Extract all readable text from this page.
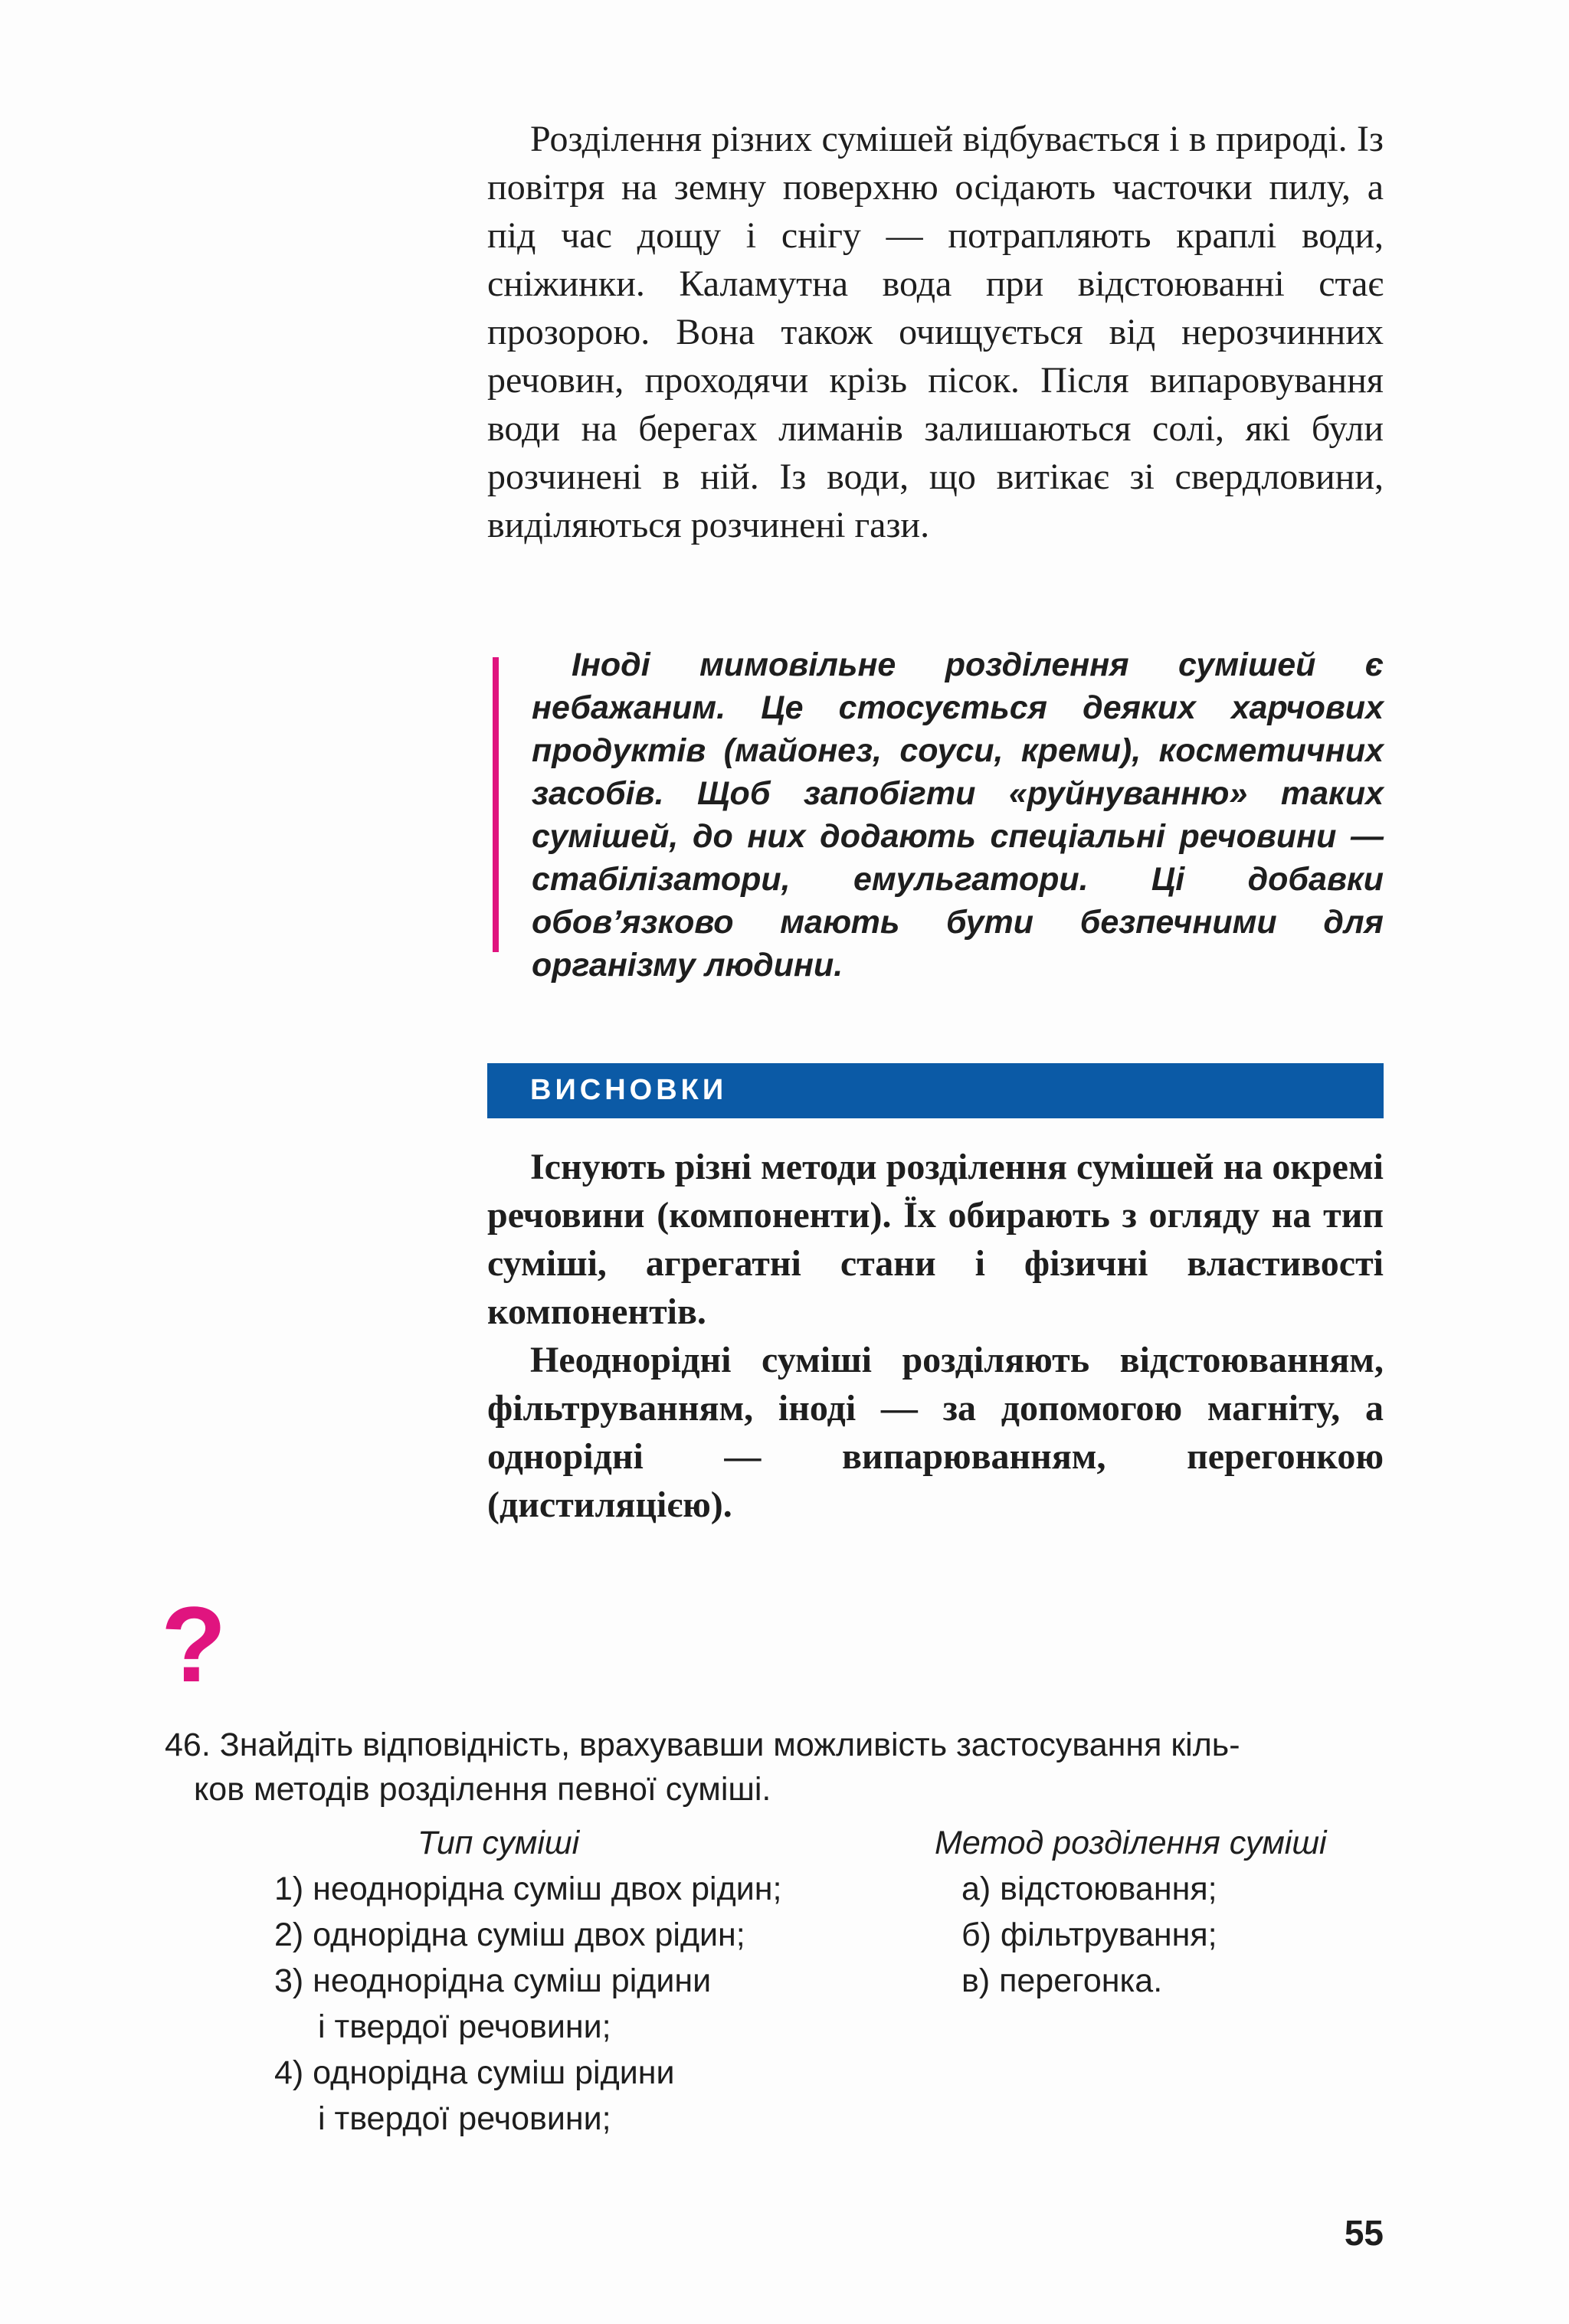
Розділення різних сумішей відбувається і в природі. Із повітря на земну поверхню осідають часточки пилу, а під час дощу і снігу — потрапляють краплі води, сніжинки. Каламутна вода при відстоюванні стає прозорою. Вона також очищується від нерозчинних речовин, проходячи крізь пісок. Після випаровування води на берегах лиманів залишаються солі, які були розчинені в ній. Із води, що витікає зі свердловини, виділяються розчинені гази.

Іноді мимовільне розділення сумішей є небажаним. Це стосується деяких харчових продуктів (майонез, соуси, креми), косметичних засобів. Щоб запобігти «руйнуванню» таких сумішей, до них додають спеціальні речовини — стабілізатори, емульгатори. Ці добавки обов’язково мають бути безпечними для організму людини.

ВИСНОВКИ

Існують різні методи розділення сумішей на окремі речовини (компоненти). Їх обирають з огляду на тип суміші, агрегатні стани і фізичні властивості компонентів.

Неоднорідні суміші розділяють відстоюванням, фільтруванням, іноді — за допомогою магніту, а однорідні — випарюванням, перегонкою (дистиляцією).

?
46. Знайдіть відповідність, врахувавши можливість застосування кіль-
ков методів розділення певної суміші.
Тип суміші	Метод розділення суміші
1) неоднорідна суміш двох рідин;
2) однорідна суміш двох рідин;
3) неоднорідна суміш рідини
і твердої речовини;
4) однорідна суміш рідини
і твердої речовини;
а) відстоювання;
б) фільтрування;
в) перегонка.
55
